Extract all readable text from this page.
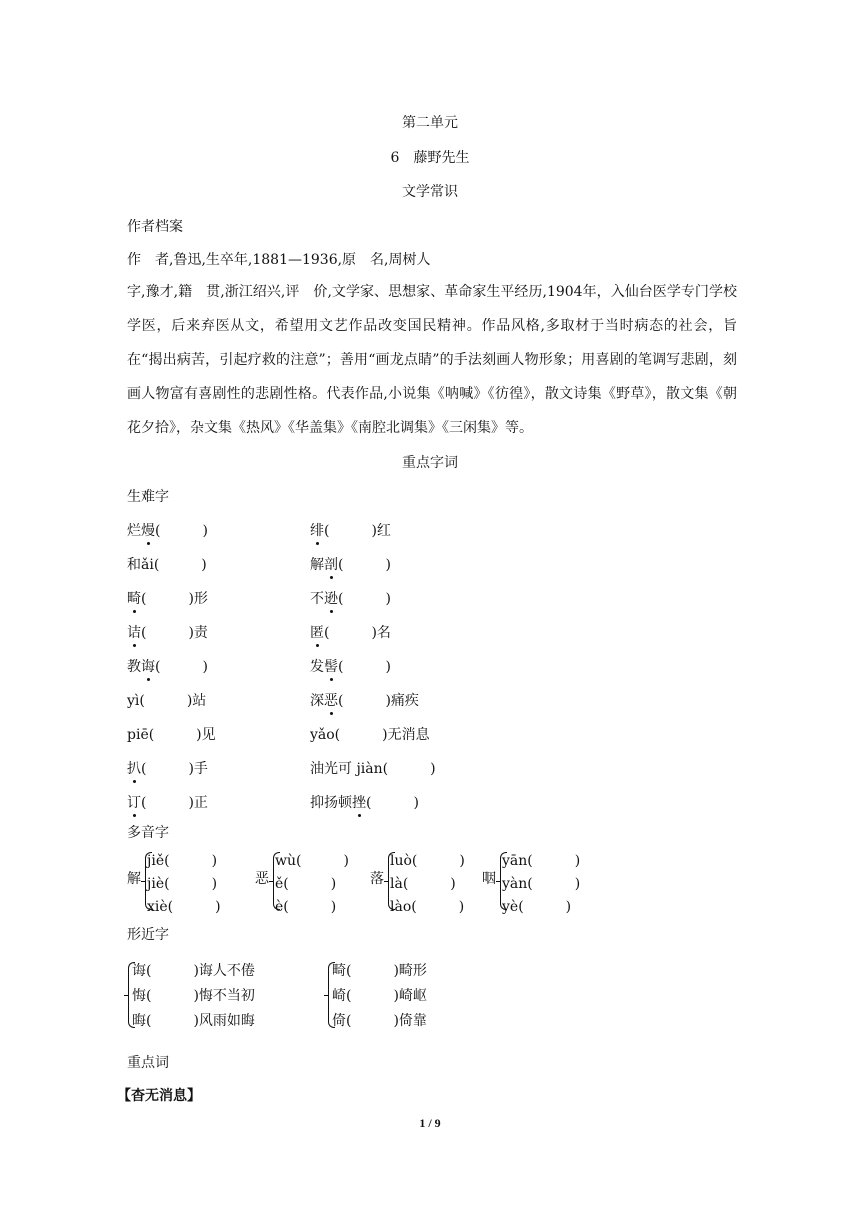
第二单元
6　藤野先生
文学常识
作者档案
作　者,鲁迅,生卒年,1881—1936,原　名,周树人
字,豫才,籍　贯,浙江绍兴,评　价,文学家、思想家、革命家生平经历,1904年，入仙台医学专门学校学医，后来弃医从文，希望用文艺作品改变国民精神。作品风格,多取材于当时病态的社会，旨在“揭出病苦，引起疗救的注意”；善用“画龙点睛”的手法刻画人物形象；用喜剧的笔调写悲剧，刻画人物富有喜剧性的悲剧性格。代表作品,小说集《呐喊》《彷徨》，散文诗集《野草》，散文集《朝花夕拾》，杂文集《热风》《华盖集》《南腔北调集》《三闲集》等。
重点字词
生难字
烂熳(　　　)	绯(　　　)红
和ǎi(　　　)	解剖(　　　)
畸(　　　)形	不逊(　　　)
诘(　　　)责	匿(　　　)名
教诲(　　　)	发髻(　　　)
yì(　　　)站	深恶(　　　)痛疾
piē(　　　)见	yǎo(　　　)无消息
扒(　　　)手	油光可 jiàn(　　　)
订(　　　)正	抑扬顿挫(　　　)
多音字
解
jiě(　　　)
jiè(　　　)
xiè(　　　)
恶
wù(　　　)
ě(　　　)
è(　　　)
落
luò(　　　)
là(　　　)
lào(　　　)
咽
yān(　　　)
yàn(　　　)
yè(　　　)
形近字
诲(　　　)诲人不倦
悔(　　　)悔不当初
晦(　　　)风雨如晦
畸(　　　)畸形
崎(　　　)崎岖
倚(　　　)倚靠
重点词
【杳无消息】
1 / 9
